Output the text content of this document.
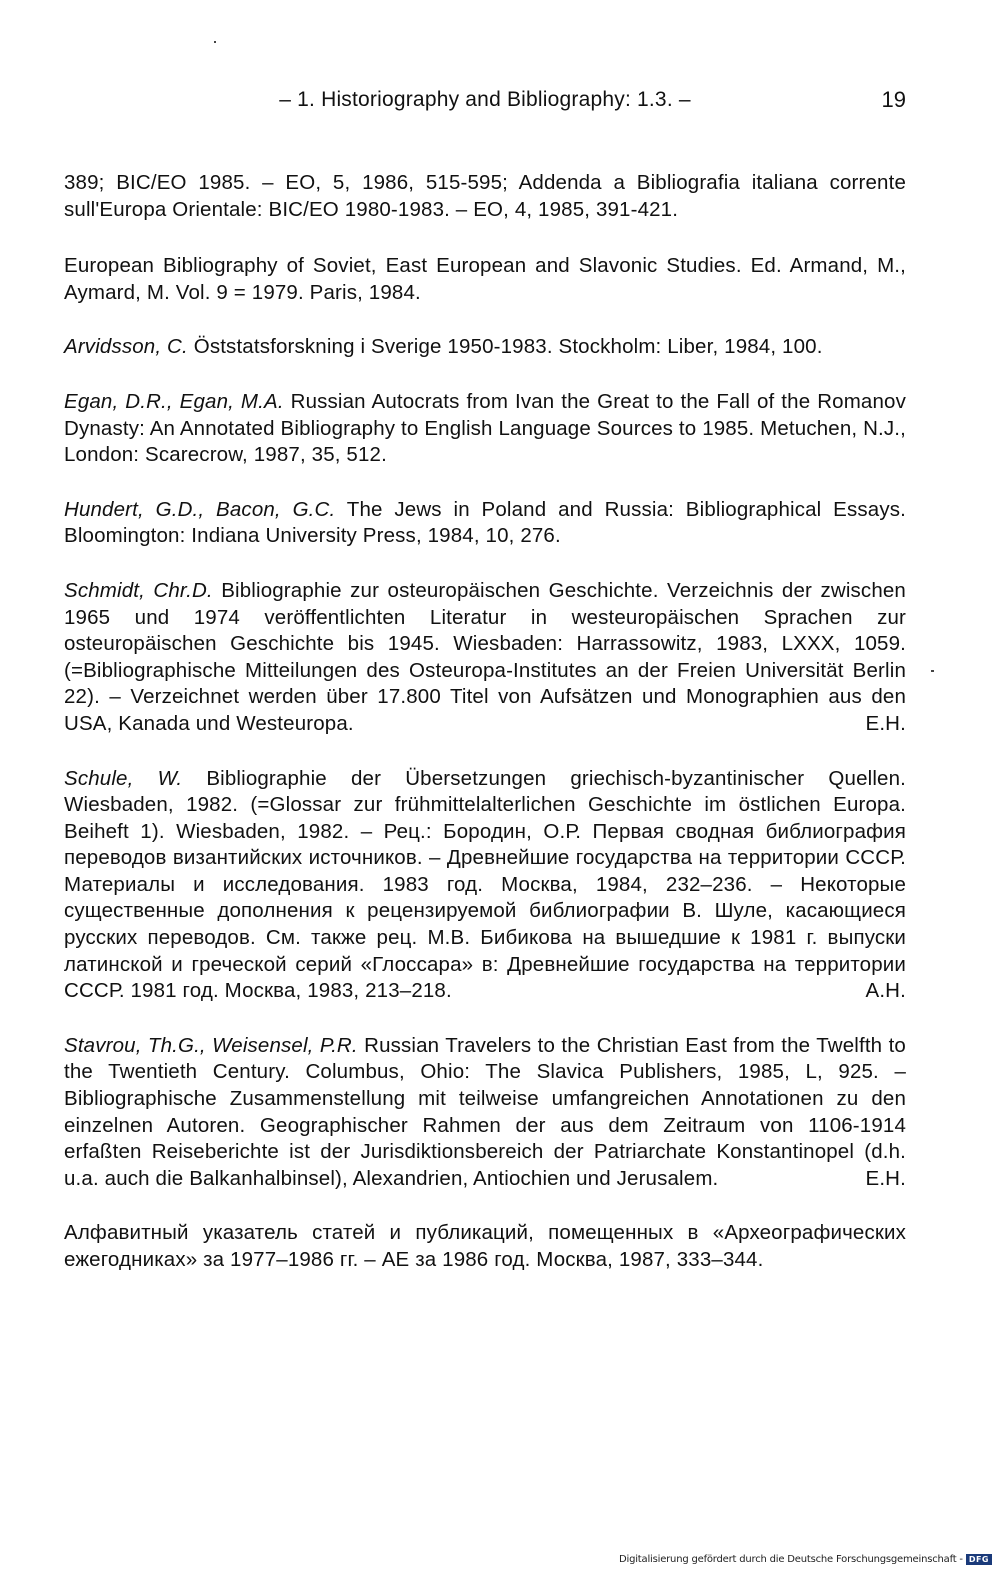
– 1. Historiography and Bibliography: 1.3. –	19

389; BIC/EO 1985. – EO, 5, 1986, 515-595; Addenda a Bibliografia italiana corrente sull'Europa Orientale: BIC/EO 1980-1983. – EO, 4, 1985, 391-421.

European Bibliography of Soviet, East European and Slavonic Studies. Ed. Armand, M., Aymard, M. Vol. 9 = 1979. Paris, 1984.

Arvidsson, C. Öststatsforskning i Sverige 1950-1983. Stockholm: Liber, 1984, 100.

Egan, D.R., Egan, M.A. Russian Autocrats from Ivan the Great to the Fall of the Romanov Dynasty: An Annotated Bibliography to English Language Sources to 1985. Metuchen, N.J., London: Scarecrow, 1987, 35, 512.

Hundert, G.D., Bacon, G.C. The Jews in Poland and Russia: Bibliographical Essays. Bloomington: Indiana University Press, 1984, 10, 276.

Schmidt, Chr.D. Bibliographie zur osteuropäischen Geschichte. Verzeichnis der zwischen 1965 und 1974 veröffentlichten Literatur in westeuropäischen Sprachen zur osteuropäischen Geschichte bis 1945. Wiesbaden: Harrassowitz, 1983, LXXX, 1059. (=Bibliographische Mitteilungen des Osteuropa-Institutes an der Freien Universität Berlin 22). – Verzeichnet werden über 17.800 Titel von Aufsätzen und Monographien aus den USA, Kanada und Westeuropa.	E.H.

Schule, W. Bibliographie der Übersetzungen griechisch-byzantinischer Quellen. Wiesbaden, 1982. (=Glossar zur frühmittelalterlichen Geschichte im östlichen Europa. Beiheft 1). Wiesbaden, 1982. – Рец.: Бородин, О.Р. Первая сводная библиография переводов византийских источников. – Древнейшие государства на территории СССР. Материалы и исследования. 1983 год. Москва, 1984, 232–236. – Некоторые существенные дополнения к рецензируемой библиографии В. Шуле, касающиеся русских переводов. См. также рец. М.В. Бибикова на вышедшие к 1981 г. выпуски латинской и греческой серий «Глоссара» в: Древнейшие государства на территории СССР. 1981 год. Москва, 1983, 213–218.	A.H.

Stavrou, Th.G., Weisensel, P.R. Russian Travelers to the Christian East from the Twelfth to the Twentieth Century. Columbus, Ohio: The Slavica Publishers, 1985, L, 925. – Bibliographische Zusammenstellung mit teilweise umfangreichen Annotationen zu den einzelnen Autoren. Geographischer Rahmen der aus dem Zeitraum von 1106-1914 erfaßten Reiseberichte ist der Jurisdiktionsbereich der Patriarchate Konstantinopel (d.h. u.a. auch die Balkanhalbinsel), Alexandrien, Antiochien und Jerusalem.	E.H.

Алфавитный указатель статей и публикаций, помещенных в «Археографических ежегодниках» за 1977–1986 гг. – АЕ за 1986 год. Москва, 1987, 333–344.

Digitalisierung gefördert durch die Deutsche Forschungsgemeinschaft - DFG
